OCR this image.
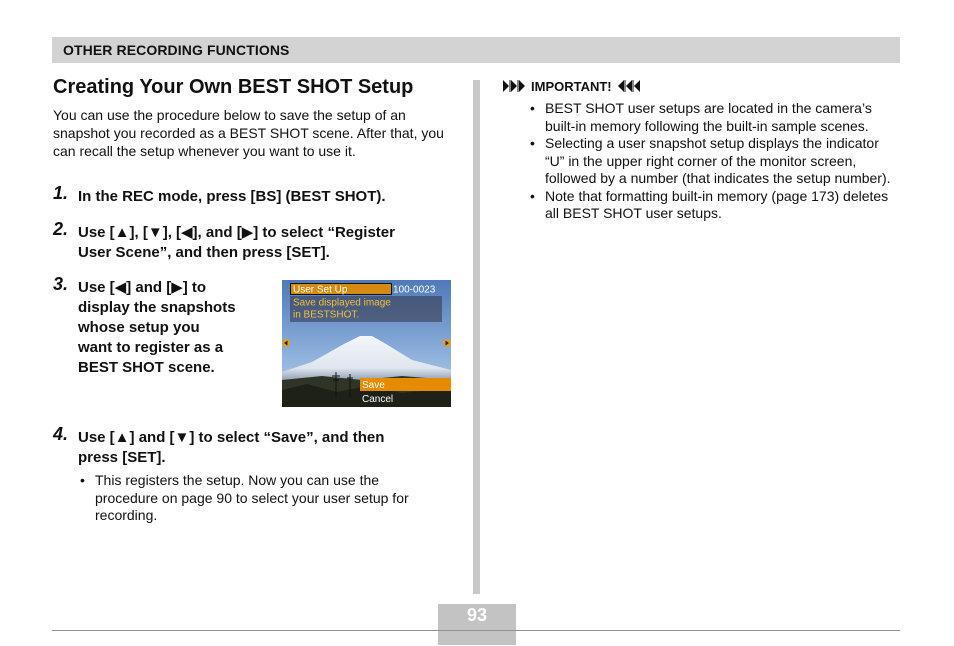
OTHER RECORDING FUNCTIONS
Creating Your Own BEST SHOT Setup
You can use the procedure below to save the setup of an snapshot you recorded as a BEST SHOT scene. After that, you can recall the setup whenever you want to use it.
1. In the REC mode, press [BS] (BEST SHOT).
2. Use [▲], [▼], [◀], and [▶] to select “Register
User Scene”, and then press [SET].
3. Use [◀] and [▶] to
display the snapshots
whose setup you
want to register as a
BEST SHOT scene.
User Set Up	100-0023
Save displayed image
in BESTSHOT.
Save
Cancel
4. Use [▲] and [▼] to select “Save”, and then
press [SET].
• This registers the setup. Now you can use the procedure on page 90 to select your user setup for recording.
IMPORTANT!
• BEST SHOT user setups are located in the camera’s built-in memory following the built-in sample scenes.
• Selecting a user snapshot setup displays the indicator “U” in the upper right corner of the monitor screen, followed by a number (that indicates the setup number).
• Note that formatting built-in memory (page 173) deletes all BEST SHOT user setups.
93
